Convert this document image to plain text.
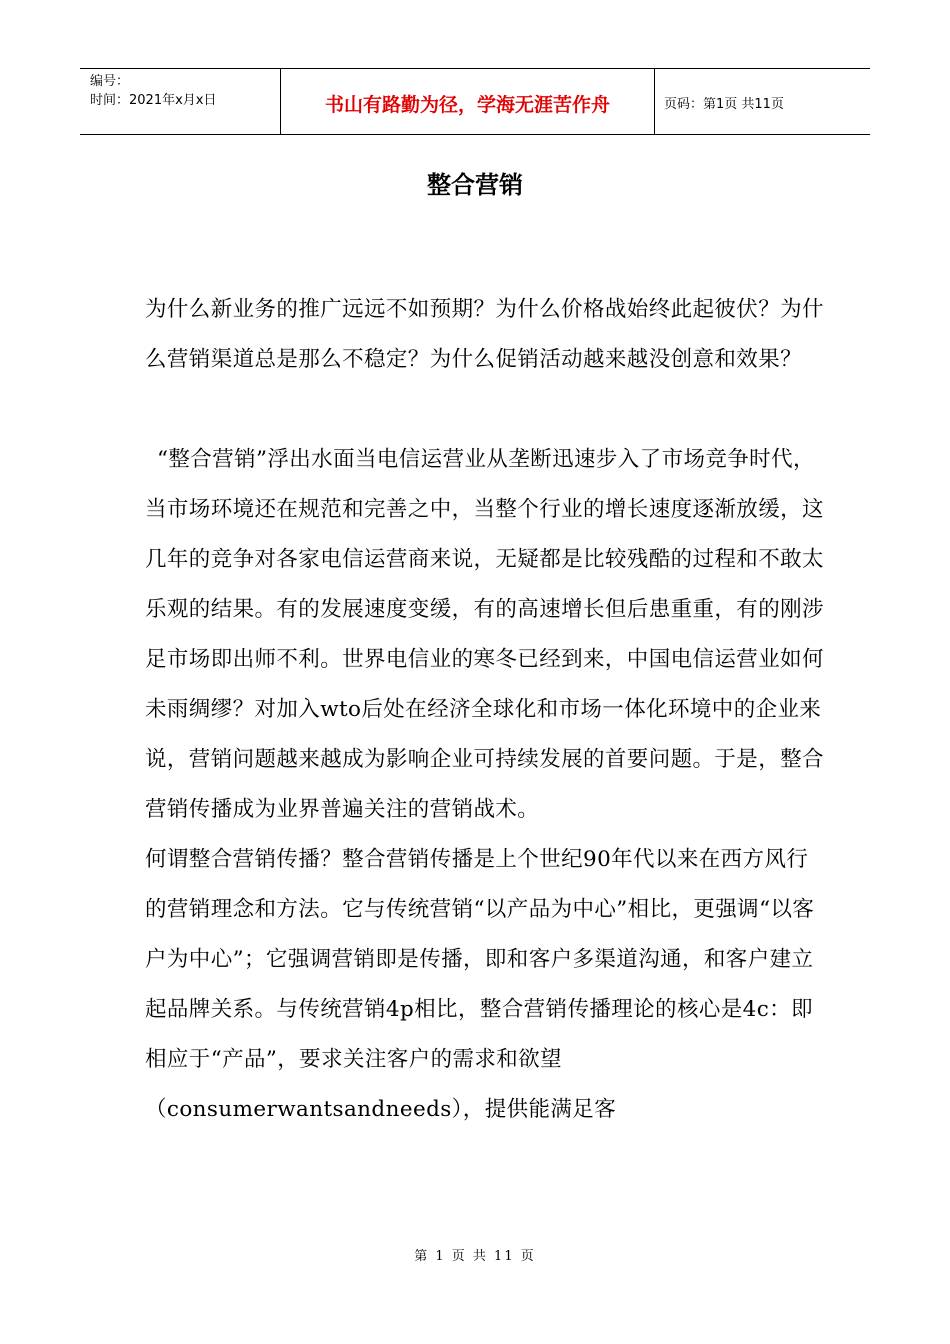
编号：
时间：2021年x月x日	书山有路勤为径，学海无涯苦作舟	页码：第1页 共11页
整合营销

为什么新业务的推广远远不如预期？为什么价格战始终此起彼伏？为什么营销渠道总是那么不稳定？为什么促销活动越来越没创意和效果？

“整合营销”浮出水面当电信运营业从垄断迅速步入了市场竞争时代，当市场环境还在规范和完善之中，当整个行业的增长速度逐渐放缓，这几年的竞争对各家电信运营商来说，无疑都是比较残酷的过程和不敢太乐观的结果。有的发展速度变缓，有的高速增长但后患重重，有的刚涉足市场即出师不利。世界电信业的寒冬已经到来，中国电信运营业如何未雨绸缪？对加入wto后处在经济全球化和市场一体化环境中的企业来说，营销问题越来越成为影响企业可持续发展的首要问题。于是，整合营销传播成为业界普遍关注的营销战术。

何谓整合营销传播？整合营销传播是上个世纪90年代以来在西方风行的营销理念和方法。它与传统营销“以产品为中心”相比，更强调“以客户为中心”；它强调营销即是传播，即和客户多渠道沟通，和客户建立起品牌关系。与传统营销4p相比，整合营销传播理论的核心是4c：即相应于“产品”，要求关注客户的需求和欲望（consumerwantsandneeds），提供能满足客

第 1 页 共 11 页
